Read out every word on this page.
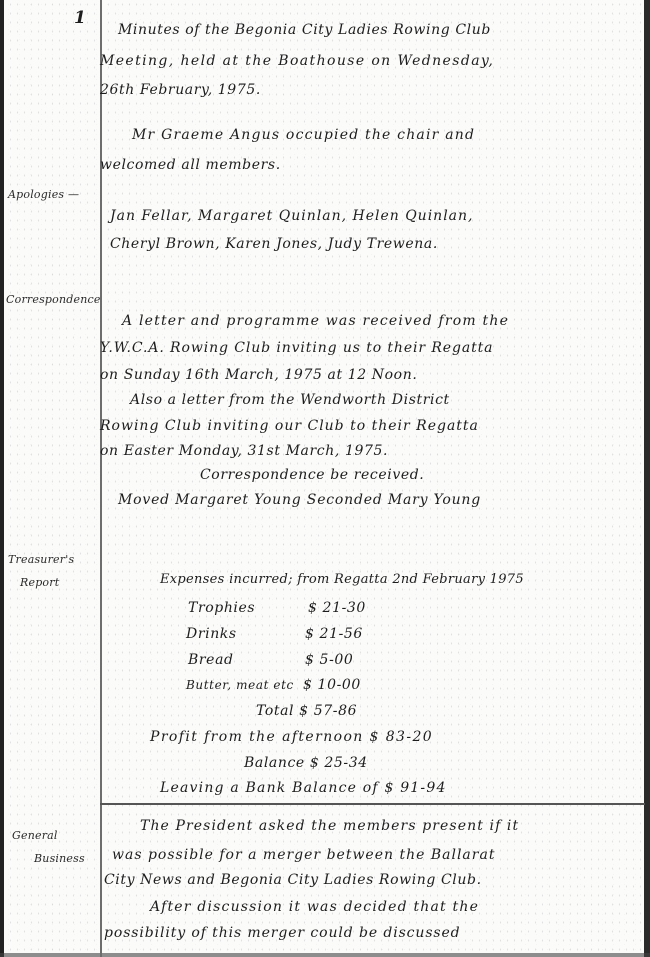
1
Minutes of the Begonia City Ladies Rowing Club
Meeting, held at the Boathouse on Wednesday,
26th February, 1975.
Mr Graeme Angus occupied the chair and
welcomed all members.
Apologies —
Jan Fellar, Margaret Quinlan, Helen Quinlan,
Cheryl Brown, Karen Jones, Judy Trewena.
Correspondence
A letter and programme was received from the
Y.W.C.A. Rowing Club inviting us to their Regatta
on Sunday 16th March, 1975 at 12 Noon.
Also a letter from the Wendworth District
Rowing Club inviting our Club to their Regatta
on Easter Monday, 31st March, 1975.
Correspondence be received.
Moved Margaret Young Seconded Mary Young
Treasurer's
Report	Expenses incurred; from Regatta 2nd February 1975
Trophies	$ 21-30
Drinks	$ 21-56
Bread	$ 5-00
Butter, meat etc $ 10-00
Total $ 57-86
Profit from the afternoon $ 83-20
Balance $ 25-34
Leaving a Bank Balance of $ 91-94
General
Business
The President asked the members present if it
was possible for a merger between the Ballarat
City News and Begonia City Ladies Rowing Club.
After discussion it was decided that the
possibility of this merger could be discussed
